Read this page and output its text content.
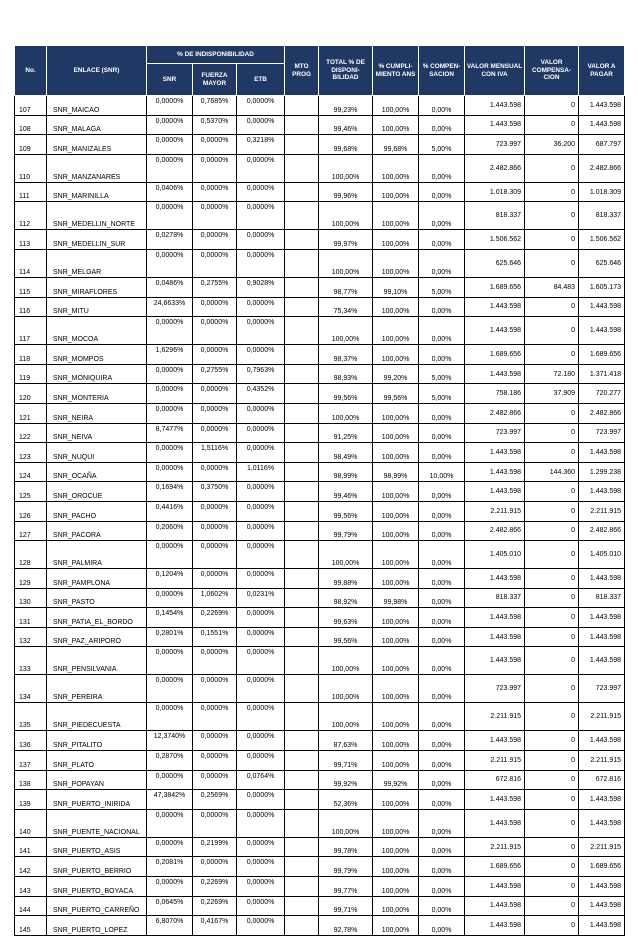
No.	ENLACE (SNR)	% DE INDISPONIBILIDAD			MTO PROG	TOTAL % DE DISPONI-BILIDAD	% CUMPLI-MIENTO ANS	% COMPEN-SACION	VALOR MENSUAL CON IVA	VALOR COMPENSA-CION	VALOR A PAGAR
		SNR	FUERZA MAYOR	ETB							
107	SNR_MAICAO	0,0000%	0,7685%	0,0000%		99,23%	100,00%	0,00%	1.443.598	0	1.443.598
108	SNR_MALAGA	0,0000%	0,5370%	0,0000%		99,46%	100,00%	0,00%	1.443.598	0	1.443.598
109	SNR_MANIZALES	0,0000%	0,0000%	0,3218%		99,68%	99,68%	5,00%	723.997	36.200	687.797
110	SNR_MANZANARES	0,0000%	0,0000%	0,0000%		100,00%	100,00%	0,00%	2.482.866	0	2.482.866
111	SNR_MARINILLA	0,0406%	0,0000%	0,0000%		99,96%	100,00%	0,00%	1.018.309	0	1.018.309
112	SNR_MEDELLIN_NORTE	0,0000%	0,0000%	0,0000%		100,00%	100,00%	0,00%	818.337	0	818.337
113	SNR_MEDELLIN_SUR	0,0278%	0,0000%	0,0000%		99,97%	100,00%	0,00%	1.506.562	0	1.506.562
114	SNR_MELGAR	0,0000%	0,0000%	0,0000%		100,00%	100,00%	0,00%	625.646	0	625.646
115	SNR_MIRAFLORES	0,0486%	0,2755%	0,9028%		98,77%	99,10%	5,00%	1.689.656	84.483	1.605.173
116	SNR_MITU	24,6633%	0,0000%	0,0000%		75,34%	100,00%	0,00%	1.443.598	0	1.443.598
117	SNR_MOCOA	0,0000%	0,0000%	0,0000%		100,00%	100,00%	0,00%	1.443.598	0	1.443.598
118	SNR_MOMPOS	1,6296%	0,0000%	0,0000%		98,37%	100,00%	0,00%	1.689.656	0	1.689.656
119	SNR_MONIQUIRA	0,0000%	0,2755%	0,7963%		98,93%	99,20%	5,00%	1.443.598	72.180	1.371.418
120	SNR_MONTERIA	0,0000%	0,0000%	0,4352%		99,56%	99,56%	5,00%	758.186	37.909	720.277
121	SNR_NEIRA	0,0000%	0,0000%	0,0000%		100,00%	100,00%	0,00%	2.482.866	0	2.482.866
122	SNR_NEIVA	8,7477%	0,0000%	0,0000%		91,25%	100,00%	0,00%	723.997	0	723.997
123	SNR_NUQUI	0,0000%	1,5116%	0,0000%		98,49%	100,00%	0,00%	1.443.598	0	1.443.598
124	SNR_OCAÑA	0,0000%	0,0000%	1,0116%		98,99%	98,99%	10,00%	1.443.598	144.360	1.299.238
125	SNR_OROCUE	0,1694%	0,3750%	0,0000%		99,46%	100,00%	0,00%	1.443.598	0	1.443.598
126	SNR_PACHO	0,4416%	0,0000%	0,0000%		99,56%	100,00%	0,00%	2.211.915	0	2.211.915
127	SNR_PACORA	0,2060%	0,0000%	0,0000%		99,79%	100,00%	0,00%	2.482.866	0	2.482.866
128	SNR_PALMIRA	0,0000%	0,0000%	0,0000%		100,00%	100,00%	0,00%	1.405.010	0	1.405.010
129	SNR_PAMPLONA	0,1204%	0,0000%	0,0000%		99,88%	100,00%	0,00%	1.443.598	0	1.443.598
130	SNR_PASTO	0,0000%	1,0602%	0,0231%		98,92%	99,98%	0,00%	818.337	0	818.337
131	SNR_PATIA_EL_BORDO	0,1454%	0,2269%	0,0000%		99,63%	100,00%	0,00%	1.443.598	0	1.443.598
132	SNR_PAZ_ARIPORO	0,2801%	0,1551%	0,0000%		99,56%	100,00%	0,00%	1.443.598	0	1.443.598
133	SNR_PENSILVANIA	0,0000%	0,0000%	0,0000%		100,00%	100,00%	0,00%	1.443.598	0	1.443.598
134	SNR_PEREIRA	0,0000%	0,0000%	0,0000%		100,00%	100,00%	0,00%	723.997	0	723.997
135	SNR_PIEDECUESTA	0,0000%	0,0000%	0,0000%		100,00%	100,00%	0,00%	2.211.915	0	2.211.915
136	SNR_PITALITO	12,3740%	0,0000%	0,0000%		87,63%	100,00%	0,00%	1.443.598	0	1.443.598
137	SNR_PLATO	0,2870%	0,0000%	0,0000%		99,71%	100,00%	0,00%	2.211.915	0	2.211.915
138	SNR_POPAYAN	0,0000%	0,0000%	0,0764%		99,92%	99,92%	0,00%	672.816	0	672.816
139	SNR_PUERTO_INIRIDA	47,3842%	0,2569%	0,0000%		52,36%	100,00%	0,00%	1.443.598	0	1.443.598
140	SNR_PUENTE_NACIONAL	0,0000%	0,0000%	0,0000%		100,00%	100,00%	0,00%	1.443.598	0	1.443.598
141	SNR_PUERTO_ASIS	0,0000%	0,2199%	0,0000%		99,78%	100,00%	0,00%	2.211.915	0	2.211.915
142	SNR_PUERTO_BERRIO	0,2081%	0,0000%	0,0000%		99,79%	100,00%	0,00%	1.689.656	0	1.689.656
143	SNR_PUERTO_BOYACA	0,0000%	0,2269%	0,0000%		99,77%	100,00%	0,00%	1.443.598	0	1.443.598
144	SNR_PUERTO_CARREÑO	0,0645%	0,2269%	0,0000%		99,71%	100,00%	0,00%	1.443.598	0	1.443.598
145	SNR_PUERTO_LOPEZ	6,8070%	0,4167%	0,0000%		92,78%	100,00%	0,00%	1.443.598	0	1.443.598
